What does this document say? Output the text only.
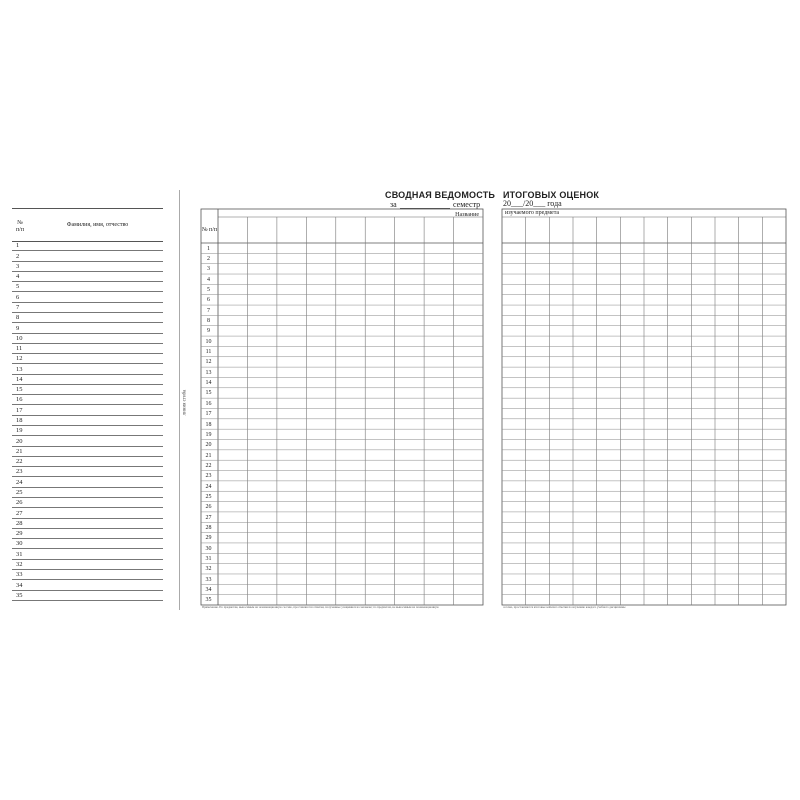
№
п/п
Фамилия, имя, отчество
1
2
3
4
5
6
7
8
9
10
11
12
13
14
15
16
17
18
19
20
21
22
23
24
25
26
27
28
29
30
31
32
33
34
35
линия сгиба
СВОДНАЯ ВЕДОМОСТЬ
за	семестр
ИТОГОВЫХ ОЦЕНОК
20___/20___ года
№ п/п
Название
1
2
3
4
5
6
7
8
9
10
11
12
13
14
15
16
17
18
19
20
21
22
23
24
25
26
27
28
29
30
31
32
33
34
35
Примечание. По предметам, выносимым на экзаменационную сессию, проставляются отметки, полученные учащимися на экзамене; по предметам, не выносимым на экзаменационную
изучаемого предмета
сессию, проставляются итоговые semester отметки по изучению каждого учебного дисциплины
